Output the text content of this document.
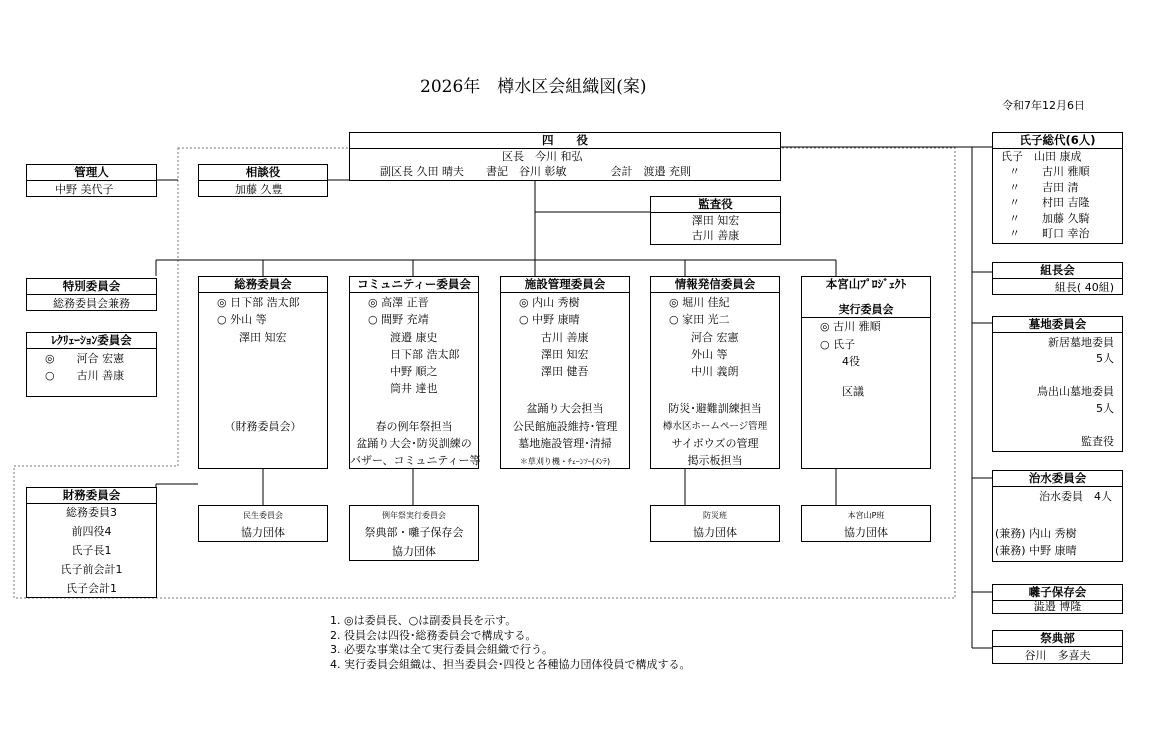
2026年　樽水区会組織図(案)
令和7年12月6日
四　　役
区長　今川 和弘
副区長 久田 晴夫　　書記　谷川 彰敏　　　　会計　渡邉 充則
管理人
中野 美代子
相談役
加藤 久豊
監査役
澤田 知宏
古川 善康
氏子総代(6人)
氏子　山田 康成
〃　　古川 雅順
〃　　吉田 清
〃　　村田 吉隆
〃　　加藤 久騎
〃　　町口 幸治
組長会
組長( 40組)
墓地委員会
新居墓地委員
5人
鳥出山墓地委員
5人
監査役
治水委員会
治水委員　4人
(兼務) 内山 秀樹
(兼務) 中野 康晴
囃子保存会
澁邉 博隆
祭典部
谷川　多喜夫
特別委員会
総務委員会兼務
ﾚｸﾘｪｰｼｮﾝ委員会
◎　　河合 宏憲
○　　古川 善康
財務委員会
総務委員3
前四役4
氏子長1
氏子前会計1
氏子会計1
総務委員会
◎ 日下部 浩太郎
○ 外山 等
　　澤田 知宏
（財務委員会）
コミュニティー委員会
◎ 高澤 正晋
○ 間野 充靖
　　渡邉 康史
　　日下部 浩太郎
　　中野 順之
　　筒井 達也
春の例年祭担当
盆踊り大会･防災訓練の
バザー、コミュニティー等
施設管理委員会
◎ 内山 秀樹
○ 中野 康晴
　　古川 善康
　　澤田 知宏
　　澤田 健吾
盆踊り大会担当
公民館施設維持･管理
墓地施設管理･清掃
＊草刈り機・ﾁｪｰﾝｿｰ(ﾒﾝﾃ)
情報発信委員会
◎ 堀川 佳紀
○ 家田 光二
　　河合 宏憲
　　外山 等
　　中川 義朗
防災･避難訓練担当
樽水区ホームページ管理
サイボウズの管理
掲示板担当
本宮山ﾌﾟﾛｼﾞｪｸﾄ
実行委員会
◎ 古川 雅順
○ 氏子
　　4役
　　区議
民生委員会
協力団体
例年祭実行委員会
祭典部・囃子保存会
協力団体
防災班
協力団体
本宮山P班
協力団体
1. ◎は委員長、○は副委員長を示す。
2. 役員会は四役･総務委員会で構成する。
3. 必要な事業は全て実行委員会組織で行う。
4. 実行委員会組織は、担当委員会･四役と各種協力団体役員で構成する。
